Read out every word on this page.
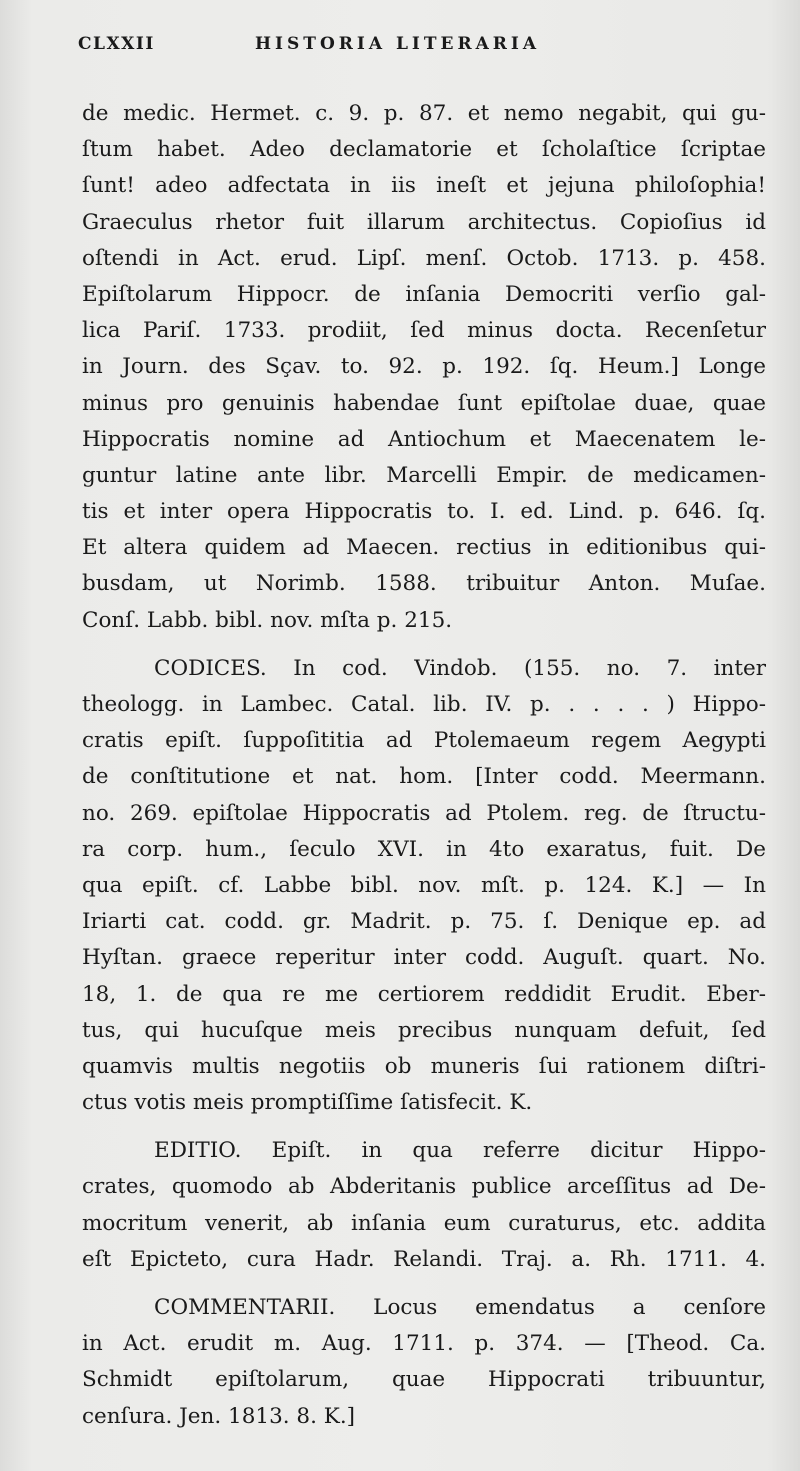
CLXXII	HISTORIA LITERARIA
de medic. Hermet. c. 9. p. 87. et nemo negabit, qui gu-
ſtum habet. Adeo declamatorie et ſcholaſtice ſcriptae
ſunt! adeo adfectata in iis ineſt et jejuna philoſophia!
Graeculus rhetor fuit illarum architectus. Copioſius id
oſtendi in Act. erud. Lipſ. menſ. Octob. 1713. p. 458.
Epiſtolarum Hippocr. de inſania Democriti verſio gal-
lica Pariſ. 1733. prodiit, ſed minus docta. Recenſetur
in Journ. des Sçav. to. 92. p. 192. ſq. Heum.] Longe
minus pro genuinis habendae ſunt epiſtolae duae, quae
Hippocratis nomine ad Antiochum et Maecenatem le-
guntur latine ante libr. Marcelli Empir. de medicamen-
tis et inter opera Hippocratis to. I. ed. Lind. p. 646. ſq.
Et altera quidem ad Maecen. rectius in editionibus qui-
busdam, ut Norimb. 1588. tribuitur Anton. Muſae.
Conſ. Labb. bibl. nov. mſta p. 215.
CODICES. In cod. Vindob. (155. no. 7. inter
theologg. in Lambec. Catal. lib. IV. p. . . . . ) Hippo-
cratis epiſt. ſuppoſititia ad Ptolemaeum regem Aegypti
de conſtitutione et nat. hom. [Inter codd. Meermann.
no. 269. epiſtolae Hippocratis ad Ptolem. reg. de ſtructu-
ra corp. hum., ſeculo XVI. in 4to exaratus, fuit. De
qua epiſt. cf. Labbe bibl. nov. mſt. p. 124. K.] — In
Iriarti cat. codd. gr. Madrit. p. 75. ſ. Denique ep. ad
Hyſtan. graece reperitur inter codd. Auguſt. quart. No.
18, 1. de qua re me certiorem reddidit Erudit. Eber-
tus, qui hucuſque meis precibus nunquam defuit, ſed
quamvis multis negotiis ob muneris ſui rationem diſtri-
ctus votis meis promptiſſime ſatisfecit. K.
EDITIO. Epiſt. in qua referre dicitur Hippo-
crates, quomodo ab Abderitanis publice arceſſitus ad De-
mocritum venerit, ab inſania eum curaturus, etc. addita
eſt Epicteto, cura Hadr. Relandi. Traj. a. Rh. 1711. 4.
COMMENTARII. Locus emendatus a cenſore
in Act. erudit m. Aug. 1711. p. 374. — [Theod. Ca.
Schmidt epiſtolarum, quae Hippocrati tribuuntur,
cenſura. Jen. 1813. 8. K.]
